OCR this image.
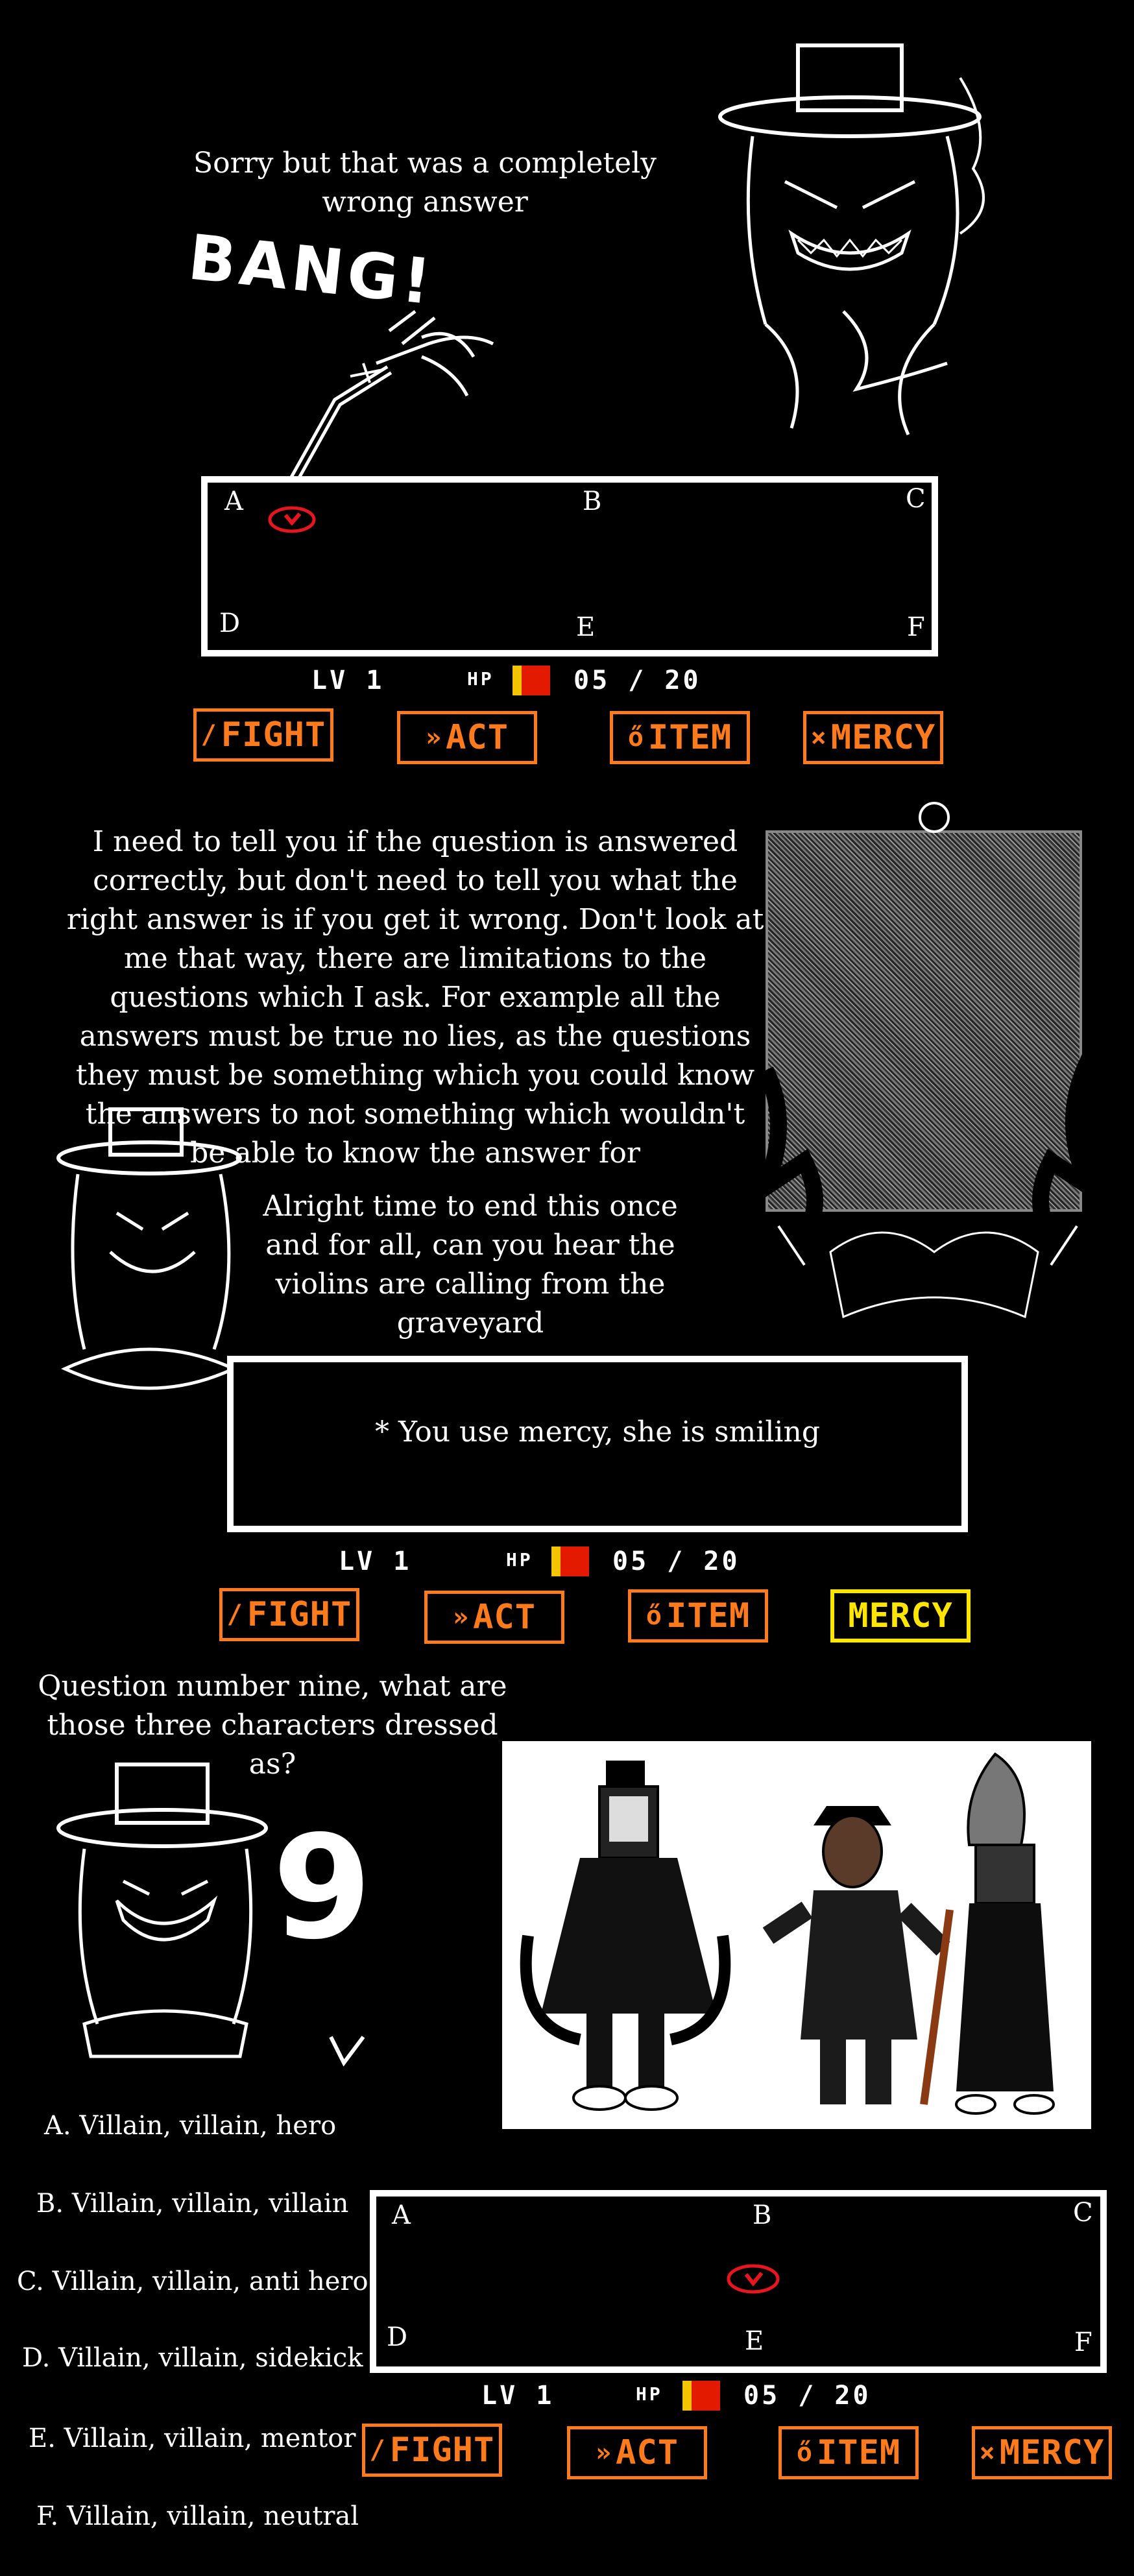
Sorry but that was a completely wrong answer
BANG!
A	B	C
D	E	F
LV 1	HP	05 / 20
/ FIGHT	» ACT	ő ITEM	× MERCY
I need to tell you if the question is answered correctly, but don't need to tell you what the right answer is if you get it wrong. Don't look at me that way, there are limitations to the questions which I ask. For example all the answers must be true no lies, as the questions they must be something which you could know the answers to not something which wouldn't be able to know the answer for
Alright time to end this once and for all, can you hear the violins are calling from the graveyard
* You use mercy, she is smiling
LV 1	HP	05 / 20
/ FIGHT	» ACT	ő ITEM	MERCY
Question number nine, what are those three characters dressed as?
9
A. Villain, villain, hero
B. Villain, villain, villain
C. Villain, villain, anti hero
D. Villain, villain, sidekick
E. Villain, villain, mentor
F. Villain, villain, neutral
A	B	C
D	E	F
LV 1	HP	05 / 20
/ FIGHT	» ACT	ő ITEM	× MERCY
